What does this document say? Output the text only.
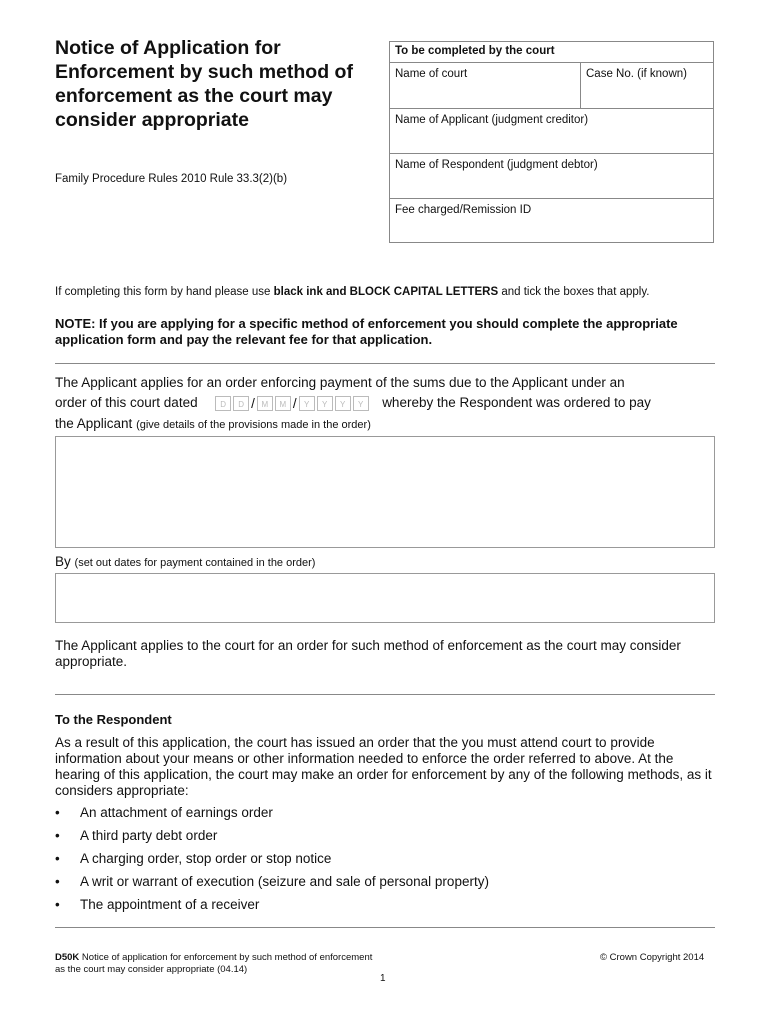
Notice of Application for Enforcement by such method of enforcement as the court may consider appropriate
Family Procedure Rules 2010 Rule 33.3(2)(b)
To be completed by the court
Name of court	Case No. (if known)
Name of Applicant (judgment creditor)
Name of Respondent (judgment debtor)
Fee charged/Remission ID
If completing this form by hand please use black ink and BLOCK CAPITAL LETTERS and tick the boxes that apply.
NOTE: If you are applying for a specific method of enforcement you should complete the appropriate application form and pay the relevant fee for that application.
The Applicant applies for an order enforcing payment of the sums due to the Applicant under an
order of this court dated	D D / M M / Y Y Y Y whereby the Respondent was ordered to pay
the Applicant (give details of the provisions made in the order)
By (set out dates for payment contained in the order)
The Applicant applies to the court for an order for such method of enforcement as the court may consider appropriate.
To the Respondent
As a result of this application, the court has issued an order that the you must attend court to provide information about your means or other information needed to enforce the order referred to above. At the hearing of this application, the court may make an order for enforcement by any of the following methods, as it considers appropriate:
• An attachment of earnings order
• A third party debt order
• A charging order, stop order or stop notice
• A writ or warrant of execution (seizure and sale of personal property)
• The appointment of a receiver
D50K Notice of application for enforcement by such method of enforcement as the court may consider appropriate (04.14)
© Crown Copyright 2014
1
